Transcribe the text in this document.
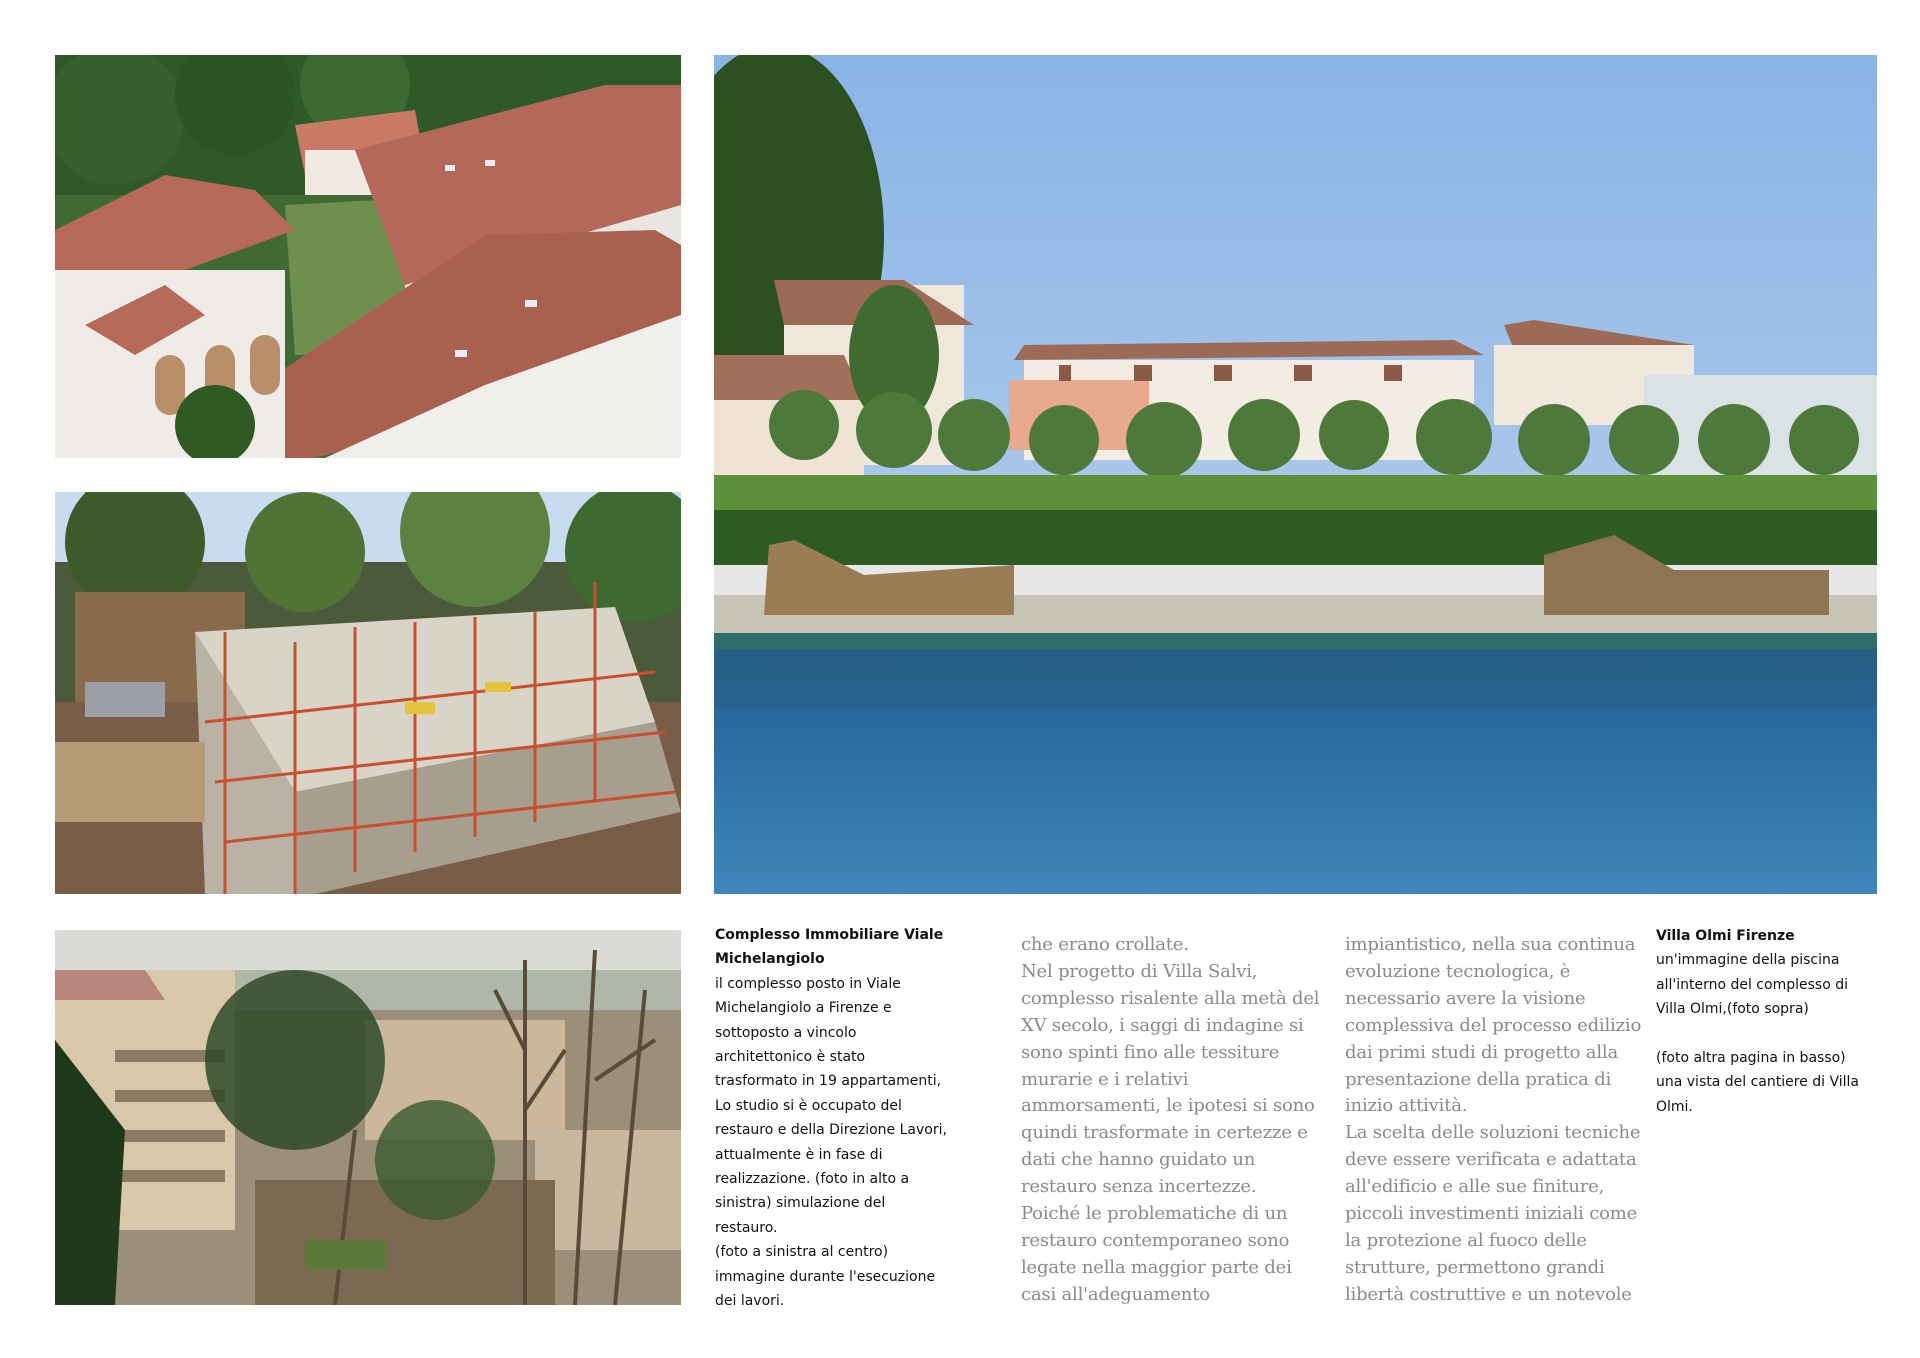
Complesso Immobiliare Viale
Michelangiolo
il complesso posto in Viale
Michelangiolo a Firenze e
sottoposto a vincolo
architettonico è stato
trasformato in 19 appartamenti,
Lo studio si è occupato del
restauro e della Direzione Lavori,
attualmente è in fase di
realizzazione. (foto in alto a
sinistra) simulazione del
restauro.
(foto a sinistra al centro)
immagine durante l'esecuzione
dei lavori.
che erano crollate.
Nel progetto di Villa Salvi,
complesso risalente alla metà del
XV secolo, i saggi di indagine si
sono spinti fino alle tessiture
murarie e i relativi
ammorsamenti, le ipotesi si sono
quindi trasformate in certezze e
dati che hanno guidato un
restauro senza incertezze.
Poiché le problematiche di un
restauro contemporaneo sono
legate nella maggior parte dei
casi all'adeguamento
impiantistico, nella sua continua
evoluzione tecnologica, è
necessario avere la visione
complessiva del processo edilizio
dai primi studi di progetto alla
presentazione della pratica di
inizio attività.
La scelta delle soluzioni tecniche
deve essere verificata e adattata
all'edificio e alle sue finiture,
piccoli investimenti iniziali come
la protezione al fuoco delle
strutture, permettono grandi
libertà costruttive e un notevole
Villa Olmi Firenze
un'immagine della piscina
all'interno del complesso di
Villa Olmi,(foto sopra)
(foto altra pagina in basso)
una vista del cantiere di Villa
Olmi.
